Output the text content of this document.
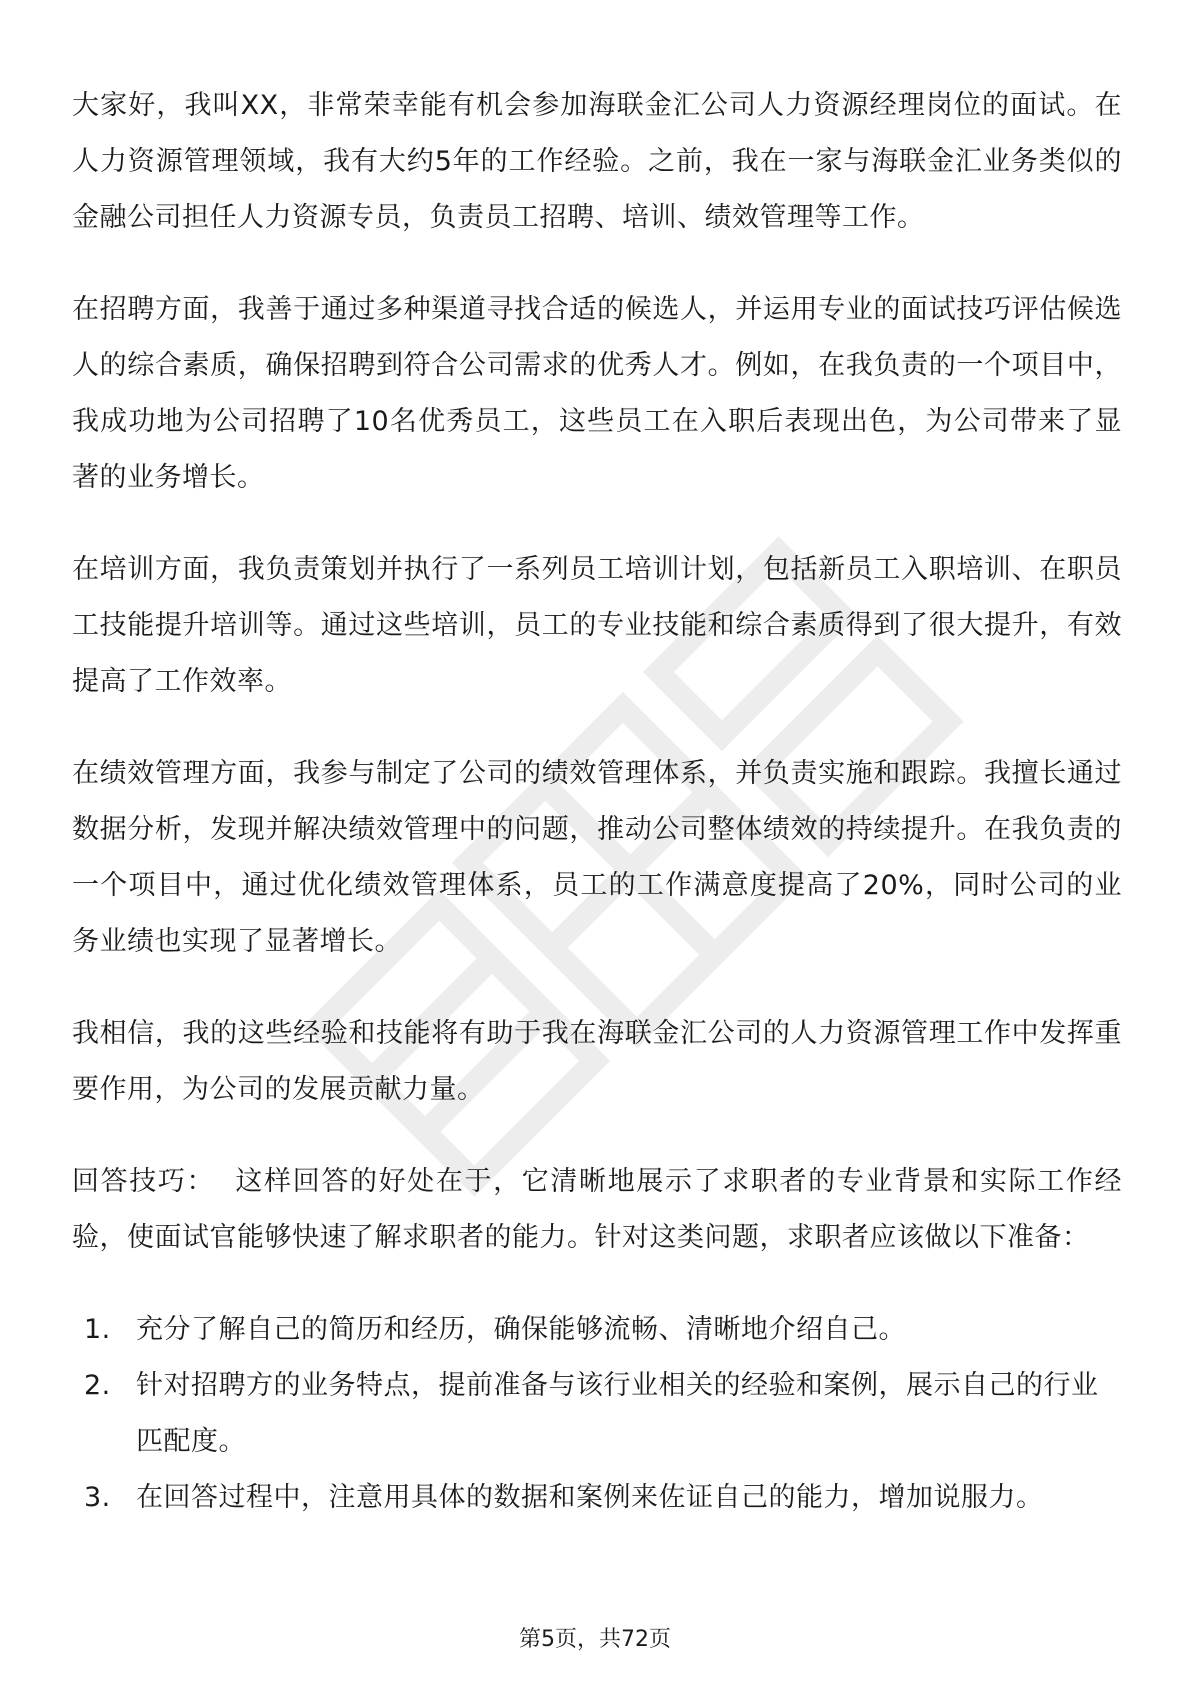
大家好，我叫XX，非常荣幸能有机会参加海联金汇公司人力资源经理岗位的面试。在人力资源管理领域，我有大约5年的工作经验。之前，我在一家与海联金汇业务类似的金融公司担任人力资源专员，负责员工招聘、培训、绩效管理等工作。

在招聘方面，我善于通过多种渠道寻找合适的候选人，并运用专业的面试技巧评估候选人的综合素质，确保招聘到符合公司需求的优秀人才。例如，在我负责的一个项目中，我成功地为公司招聘了10名优秀员工，这些员工在入职后表现出色，为公司带来了显著的业务增长。

在培训方面，我负责策划并执行了一系列员工培训计划，包括新员工入职培训、在职员工技能提升培训等。通过这些培训，员工的专业技能和综合素质得到了很大提升，有效提高了工作效率。

在绩效管理方面，我参与制定了公司的绩效管理体系，并负责实施和跟踪。我擅长通过数据分析，发现并解决绩效管理中的问题，推动公司整体绩效的持续提升。在我负责的一个项目中，通过优化绩效管理体系，员工的工作满意度提高了20%，同时公司的业务业绩也实现了显著增长。

我相信，我的这些经验和技能将有助于我在海联金汇公司的人力资源管理工作中发挥重要作用，为公司的发展贡献力量。

回答技巧： 这样回答的好处在于，它清晰地展示了求职者的专业背景和实际工作经验，使面试官能够快速了解求职者的能力。针对这类问题，求职者应该做以下准备：

1. 充分了解自己的简历和经历，确保能够流畅、清晰地介绍自己。
2. 针对招聘方的业务特点，提前准备与该行业相关的经验和案例，展示自己的行业匹配度。
3. 在回答过程中，注意用具体的数据和案例来佐证自己的能力，增加说服力。
第5页，共72页
